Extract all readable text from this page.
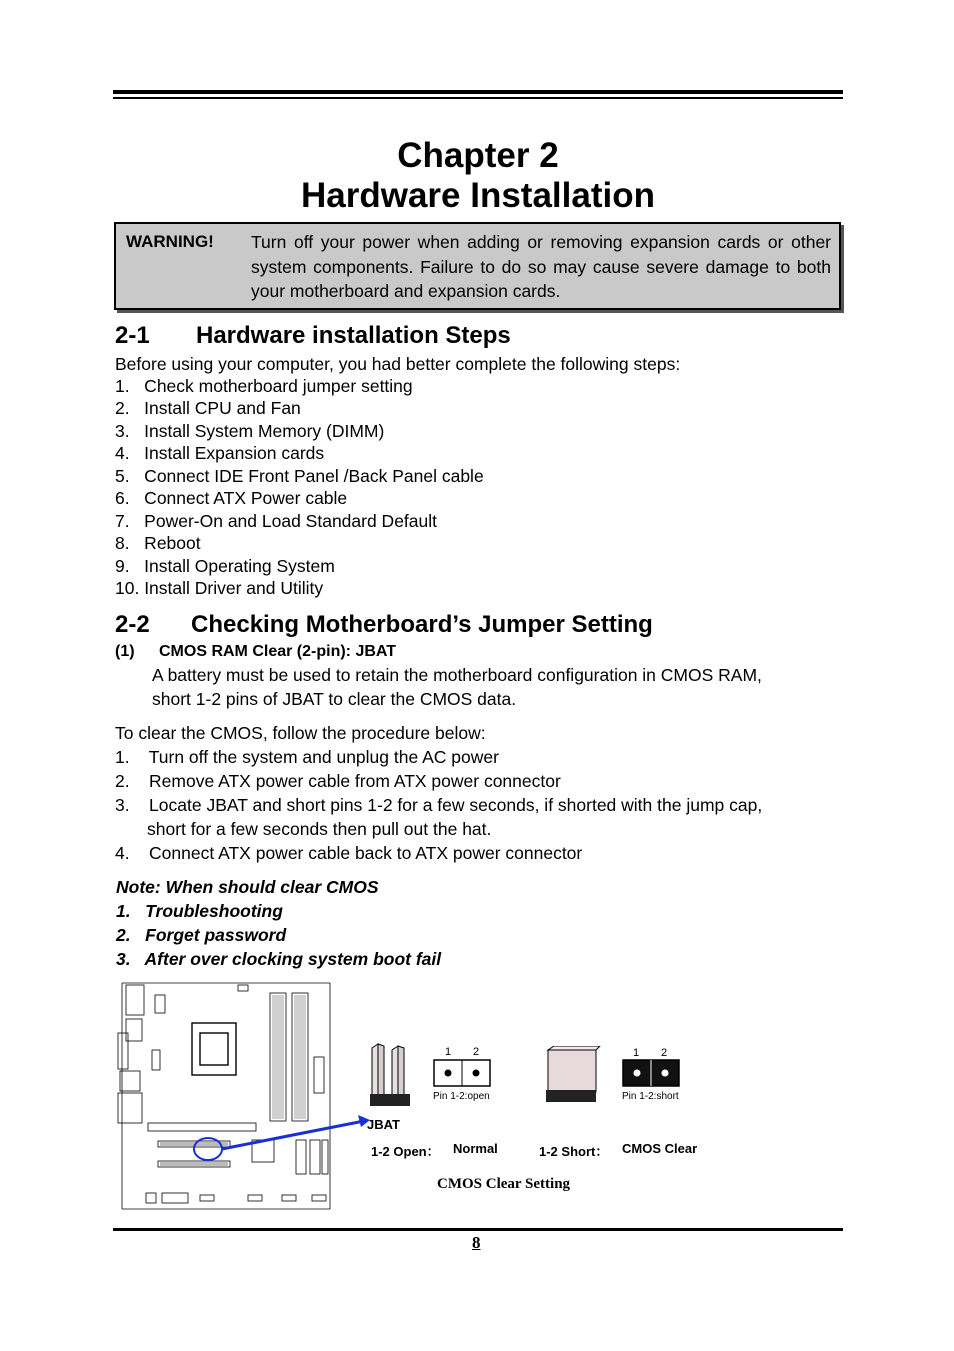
Chapter 2
Hardware Installation
WARNING! Turn off your power when adding or removing expansion cards or other system components. Failure to do so may cause severe damage to both your motherboard and expansion cards.
2-1 Hardware installation Steps
Before using your computer, you had better complete the following steps:
1.   Check motherboard jumper setting
2.   Install CPU and Fan
3.   Install System Memory (DIMM)
4.   Install Expansion cards
5.   Connect IDE Front Panel /Back Panel cable
6.   Connect ATX Power cable
7.   Power-On and Load Standard Default
8.   Reboot
9.   Install Operating System
10. Install Driver and Utility
2-2 Checking Motherboard’s Jumper Setting
(1) CMOS RAM Clear (2-pin): JBAT
A battery must be used to retain the motherboard configuration in CMOS RAM,
short 1-2 pins of JBAT to clear the CMOS data.
To clear the CMOS, follow the procedure below:
1.    Turn off the system and unplug the AC power
2.    Remove ATX power cable from ATX power connector
3.    Locate JBAT and short pins 1-2 for a few seconds, if shorted with the jump cap,
short for a few seconds then pull out the hat.
4.    Connect ATX power cable back to ATX power connector
Note: When should clear CMOS
1.   Troubleshooting
2.   Forget password
3.   After over clocking system boot fail
1 2
Pin 1-2:open
1 2
Pin 1-2:short
JBAT
1-2 Open： Normal	1-2 Short： CMOS Clear
CMOS Clear Setting
8
